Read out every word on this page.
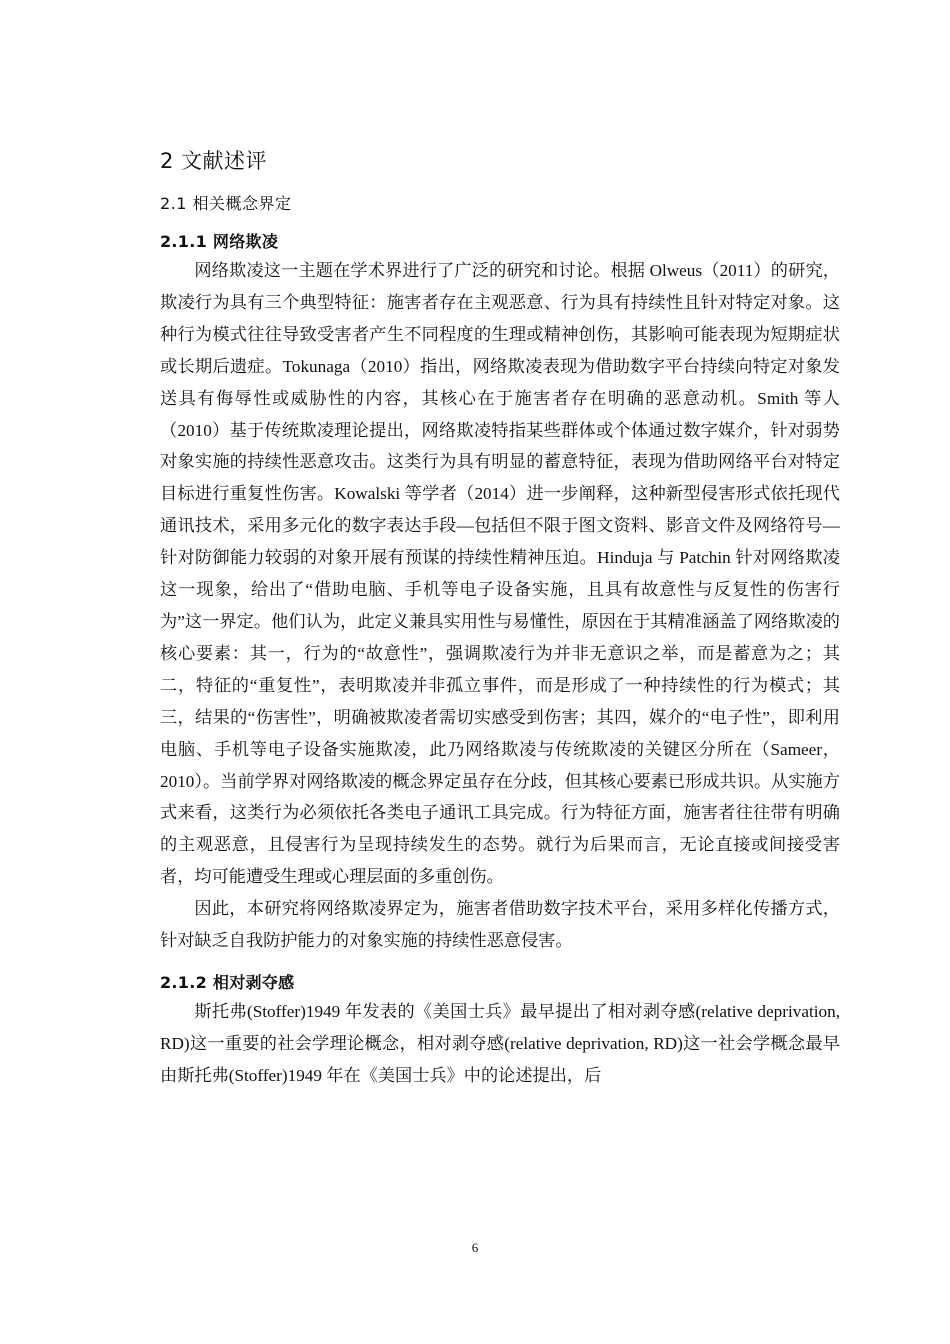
2 文献述评
2.1 相关概念界定
2.1.1 网络欺凌

网络欺凌这一主题在学术界进行了广泛的研究和讨论。根据 Olweus（2011）的研究，欺凌行为具有三个典型特征：施害者存在主观恶意、行为具有持续性且针对特定对象。这种行为模式往往导致受害者产生不同程度的生理或精神创伤，其影响可能表现为短期症状或长期后遗症。Tokunaga（2010）指出，网络欺凌表现为借助数字平台持续向特定对象发送具有侮辱性或威胁性的内容，其核心在于施害者存在明确的恶意动机。Smith 等人（2010）基于传统欺凌理论提出，网络欺凌特指某些群体或个体通过数字媒介，针对弱势对象实施的持续性恶意攻击。这类行为具有明显的蓄意特征，表现为借助网络平台对特定目标进行重复性伤害。Kowalski 等学者（2014）进一步阐释，这种新型侵害形式依托现代通讯技术，采用多元化的数字表达手段—包括但不限于图文资料、影音文件及网络符号—针对防御能力较弱的对象开展有预谋的持续性精神压迫。Hinduja 与 Patchin 针对网络欺凌这一现象，给出了“借助电脑、手机等电子设备实施，且具有故意性与反复性的伤害行为”这一界定。他们认为，此定义兼具实用性与易懂性，原因在于其精准涵盖了网络欺凌的核心要素：其一，行为的“故意性”，强调欺凌行为并非无意识之举，而是蓄意为之；其二，特征的“重复性”，表明欺凌并非孤立事件，而是形成了一种持续性的行为模式；其三，结果的“伤害性”，明确被欺凌者需切实感受到伤害；其四，媒介的“电子性”，即利用电脑、手机等电子设备实施欺凌，此乃网络欺凌与传统欺凌的关键区分所在（Sameer，2010）。当前学界对网络欺凌的概念界定虽存在分歧，但其核心要素已形成共识。从实施方式来看，这类行为必须依托各类电子通讯工具完成。行为特征方面，施害者往往带有明确的主观恶意，且侵害行为呈现持续发生的态势。就行为后果而言，无论直接或间接受害者，均可能遭受生理或心理层面的多重创伤。

因此，本研究将网络欺凌界定为，施害者借助数字技术平台，采用多样化传播方式，针对缺乏自我防护能力的对象实施的持续性恶意侵害。

2.1.2 相对剥夺感

斯托弗(Stoffer)1949 年发表的《美国士兵》最早提出了相对剥夺感(relative deprivation, RD)这一重要的社会学理论概念，相对剥夺感(relative deprivation, RD)这一社会学概念最早由斯托弗(Stoffer)1949 年在《美国士兵》中的论述提出，后

6
